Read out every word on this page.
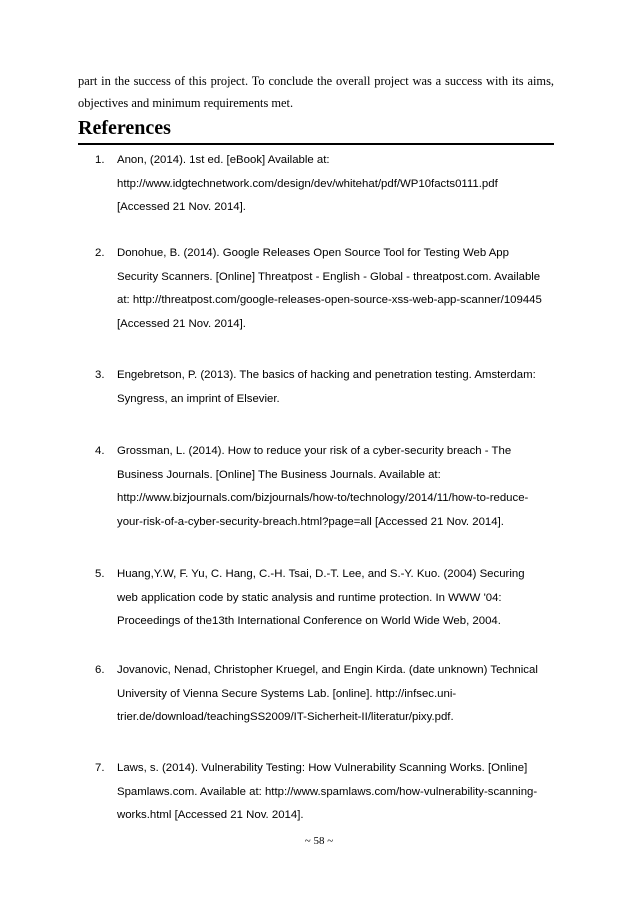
part in the success of this project. To conclude the overall project was a success with its aims,
objectives and minimum requirements met.
References
1. Anon, (2014). 1st ed. [eBook] Available at:
http://www.idgtechnetwork.com/design/dev/whitehat/pdf/WP10facts0111.pdf
[Accessed 21 Nov. 2014].
2. Donohue, B. (2014). Google Releases Open Source Tool for Testing Web App
Security Scanners. [Online] Threatpost - English - Global - threatpost.com. Available
at: http://threatpost.com/google-releases-open-source-xss-web-app-scanner/109445
[Accessed 21 Nov. 2014].
3. Engebretson, P. (2013). The basics of hacking and penetration testing. Amsterdam:
Syngress, an imprint of Elsevier.
4. Grossman, L. (2014). How to reduce your risk of a cyber-security breach - The
Business Journals. [Online] The Business Journals. Available at:
http://www.bizjournals.com/bizjournals/how-to/technology/2014/11/how-to-reduce-
your-risk-of-a-cyber-security-breach.html?page=all [Accessed 21 Nov. 2014].
5. Huang,Y.W, F. Yu, C. Hang, C.-H. Tsai, D.-T. Lee, and S.-Y. Kuo. (2004) Securing
web application code by static analysis and runtime protection. In WWW '04:
Proceedings of the13th International Conference on World Wide Web, 2004.
6. Jovanovic, Nenad, Christopher Kruegel, and Engin Kirda. (date unknown) Technical
University of Vienna Secure Systems Lab. [online]. http://infsec.uni-
trier.de/download/teachingSS2009/IT-Sicherheit-II/literatur/pixy.pdf.
7. Laws, s. (2014). Vulnerability Testing: How Vulnerability Scanning Works. [Online]
Spamlaws.com. Available at: http://www.spamlaws.com/how-vulnerability-scanning-
works.html [Accessed 21 Nov. 2014].
~ 58 ~
